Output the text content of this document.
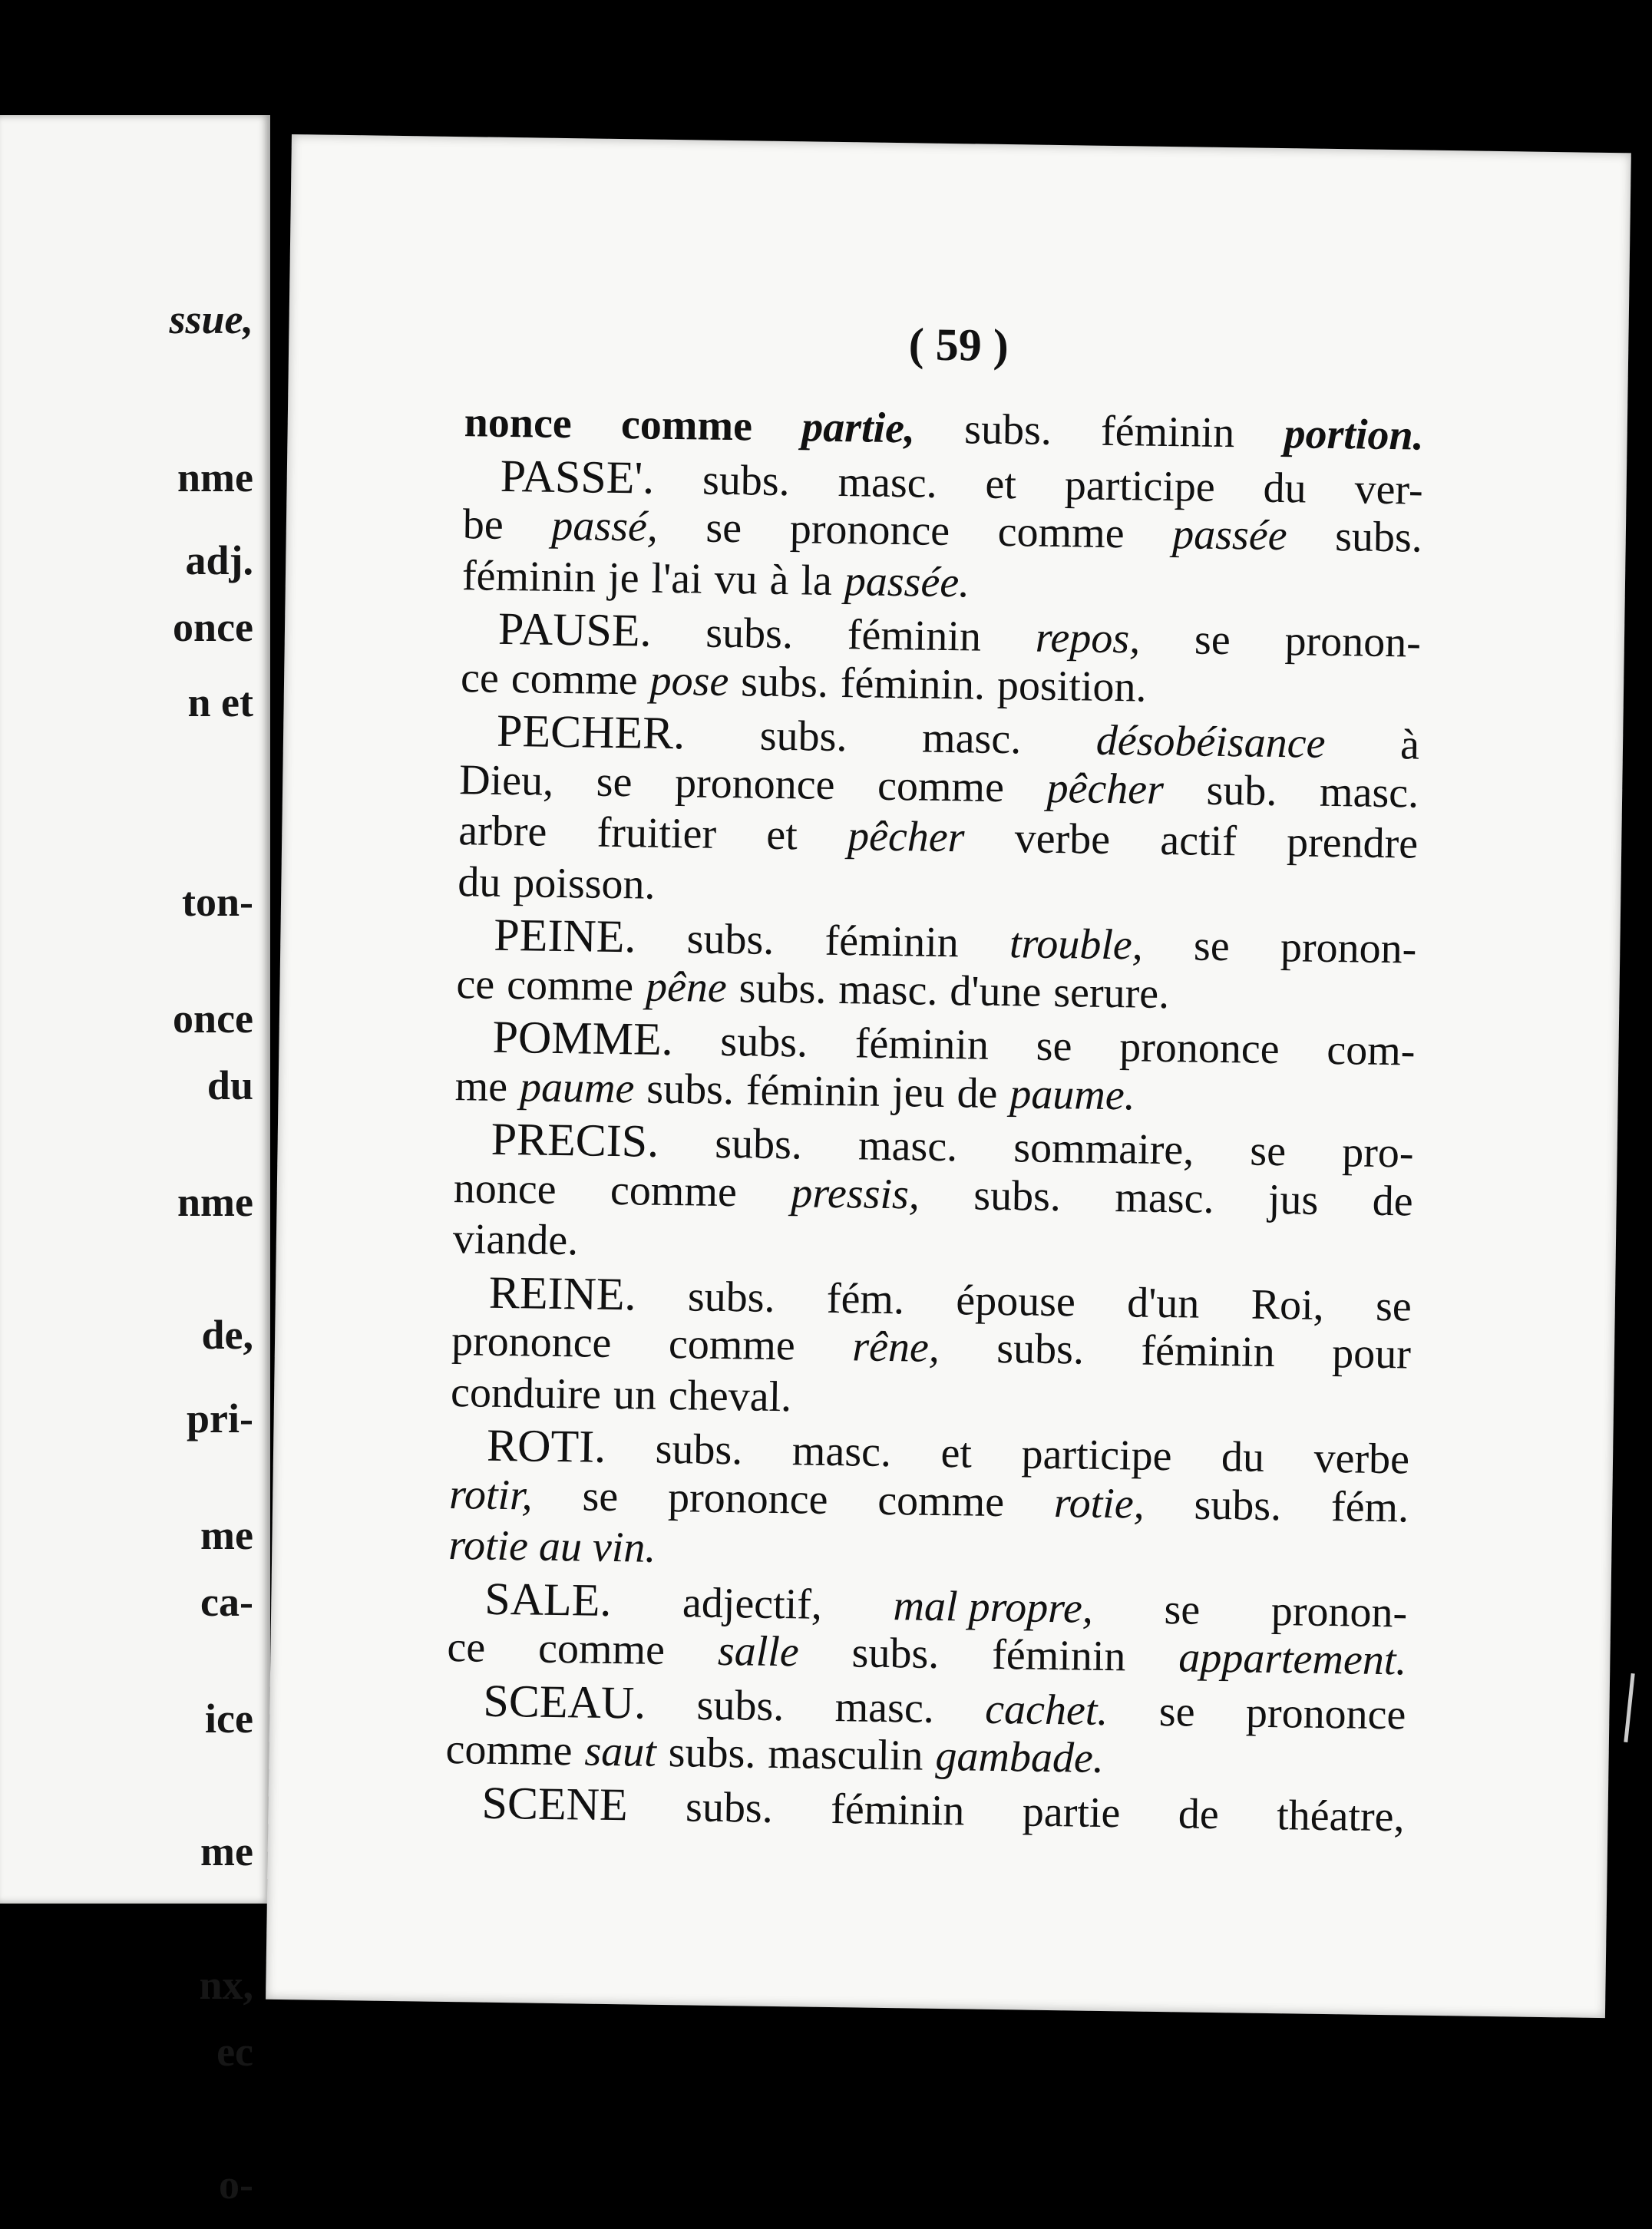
ssue,
nme
adj.
once
n et
ton-
once
du
nme
de,
pri-
me
ca-
ice
me
nx,
ec
o-
( 59 )
nonce comme partie, subs. féminin portion.
PASSE'. subs. masc. et participe du ver-
be passé, se prononce comme passée subs.
féminin je l'ai vu à la passée.
PAUSE. subs. féminin repos, se pronon-
ce comme pose subs. féminin. position.
PECHER. subs. masc. désobéisance à
Dieu, se prononce comme pêcher sub. masc.
arbre fruitier et pêcher verbe actif prendre
du poisson.
PEINE. subs. féminin trouble, se pronon-
ce comme pêne subs. masc. d'une serure.
POMME. subs. féminin se prononce com-
me paume subs. féminin jeu de paume.
PRECIS. subs. masc. sommaire, se pro-
nonce comme pressis, subs. masc. jus de
viande.
REINE. subs. fém. épouse d'un Roi, se
prononce comme rêne, subs. féminin pour
conduire un cheval.
ROTI. subs. masc. et participe du verbe
rotir, se prononce comme rotie, subs. fém.
rotie au vin.
SALE. adjectif, mal propre, se pronon-
ce comme salle subs. féminin appartement.
SCEAU. subs. masc. cachet. se prononce
comme saut subs. masculin gambade.
SCENE subs. féminin partie de théatre,
